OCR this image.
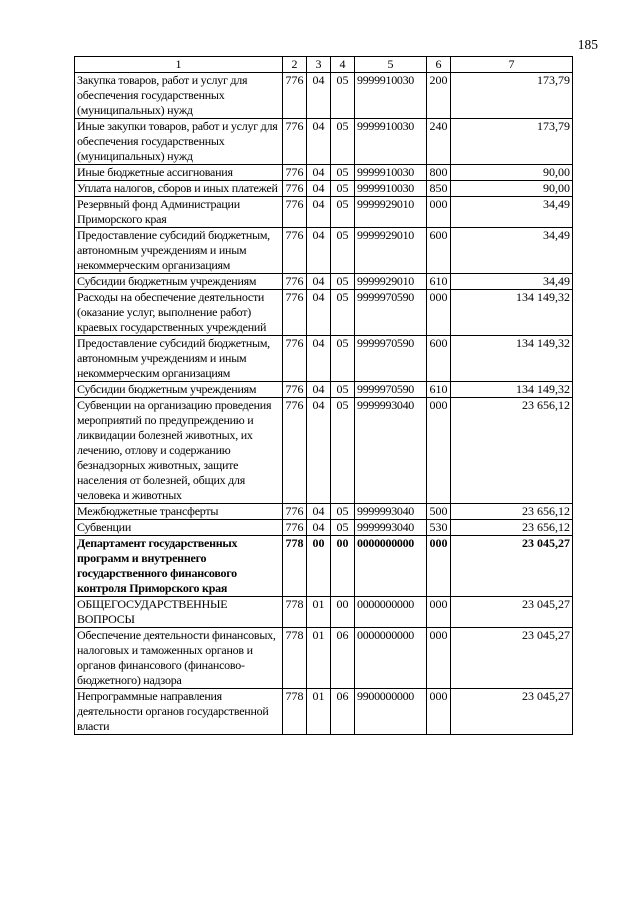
185
1	2	3	4	5	6	7
Закупка товаров, работ и услуг для обеспечения государственных (муниципальных) нужд	776	04	05	9999910030	200	173,79
Иные закупки товаров, работ и услуг для обеспечения государственных (муниципальных) нужд	776	04	05	9999910030	240	173,79
Иные бюджетные ассигнования	776	04	05	9999910030	800	90,00
Уплата налогов, сборов и иных платежей	776	04	05	9999910030	850	90,00
Резервный фонд Администрации Приморского края	776	04	05	9999929010	000	34,49
Предоставление субсидий бюджетным, автономным учреждениям и иным некоммерческим организациям	776	04	05	9999929010	600	34,49
Субсидии бюджетным учреждениям	776	04	05	9999929010	610	34,49
Расходы на обеспечение деятельности (оказание услуг, выполнение работ) краевых государственных учреждений	776	04	05	9999970590	000	134 149,32
Предоставление субсидий бюджетным, автономным учреждениям и иным некоммерческим организациям	776	04	05	9999970590	600	134 149,32
Субсидии бюджетным учреждениям	776	04	05	9999970590	610	134 149,32
Субвенции на организацию проведения мероприятий по предупреждению и ликвидации болезней животных, их лечению, отлову и содержанию безнадзорных животных, защите населения от болезней, общих для человека и животных	776	04	05	9999993040	000	23 656,12
Межбюджетные трансферты	776	04	05	9999993040	500	23 656,12
Субвенции	776	04	05	9999993040	530	23 656,12
Департамент государственных программ и внутреннего государственного финансового контроля Приморского края	778	00	00	0000000000	000	23 045,27
ОБЩЕГОСУДАРСТВЕННЫЕ ВОПРОСЫ	778	01	00	0000000000	000	23 045,27
Обеспечение деятельности финансовых, налоговых и таможенных органов и органов финансового (финансово-бюджетного) надзора	778	01	06	0000000000	000	23 045,27
Непрограммные направления деятельности органов государственной власти	778	01	06	9900000000	000	23 045,27
